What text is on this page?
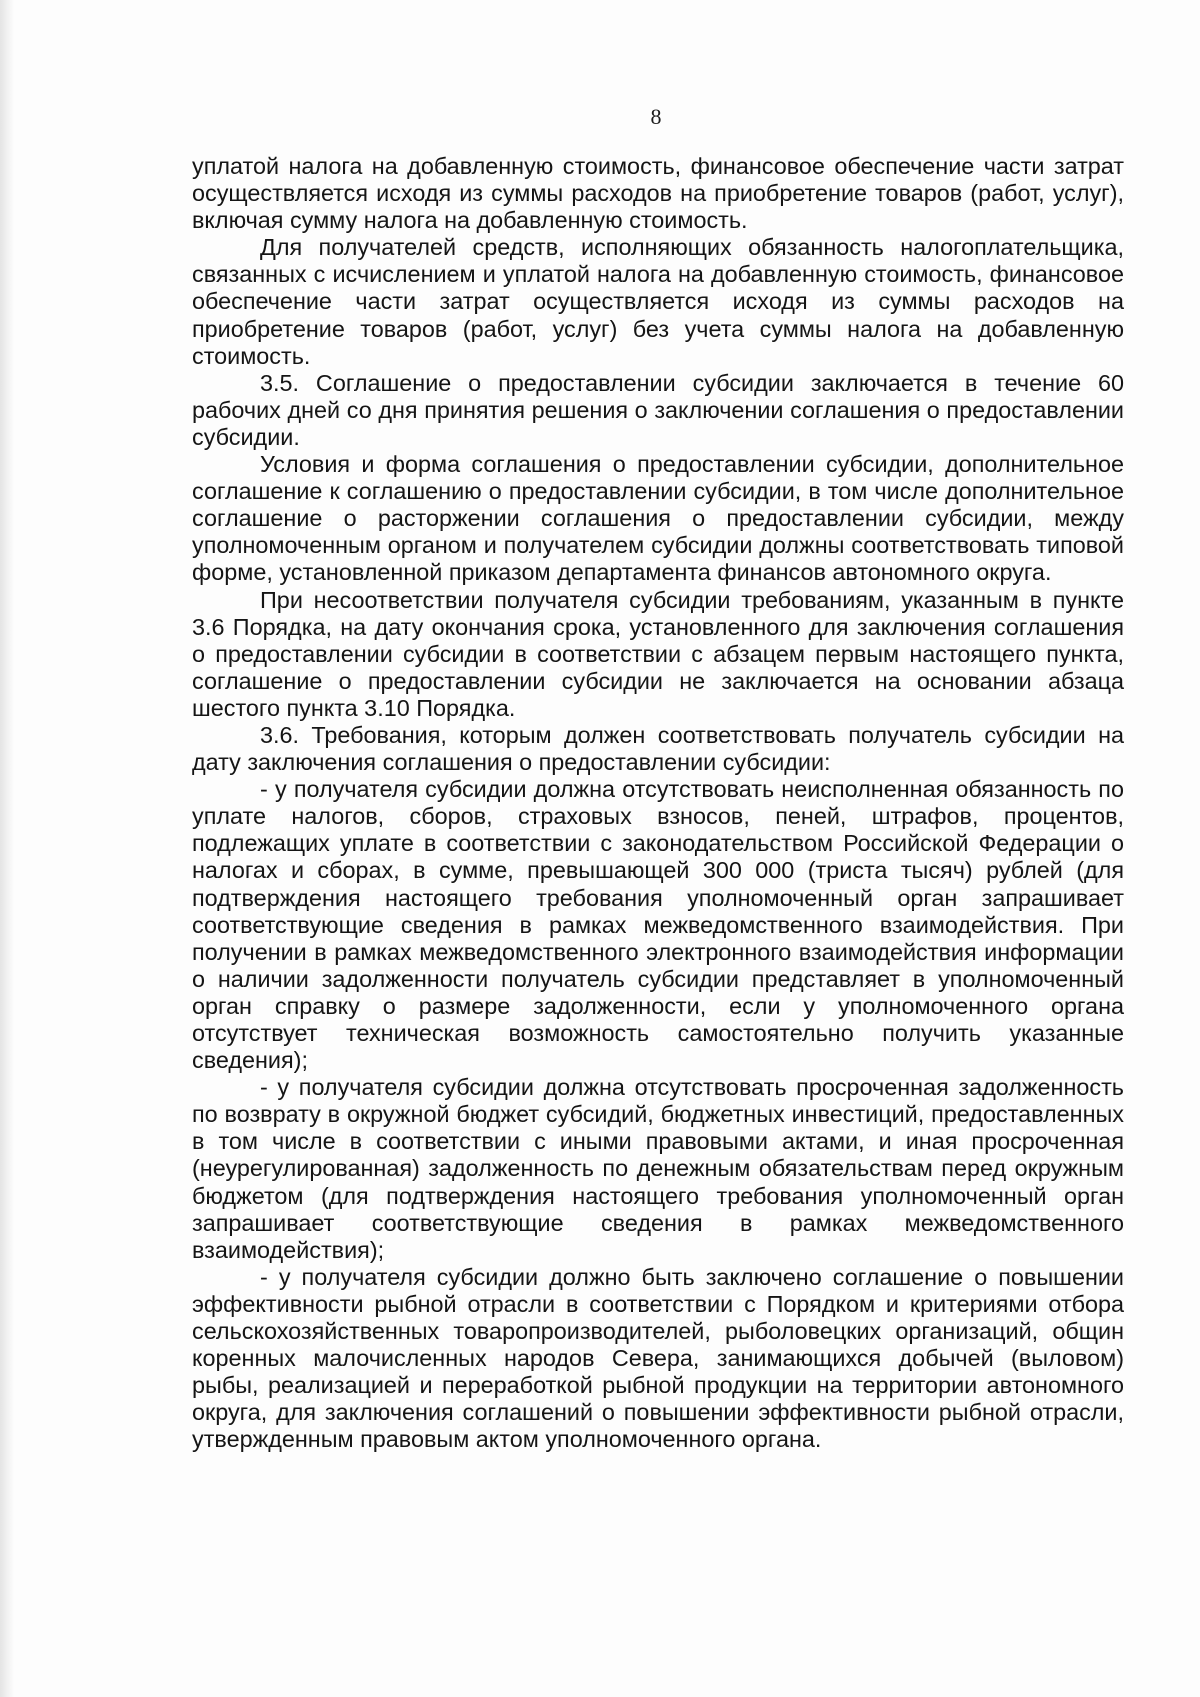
8

уплатой налога на добавленную стоимость, финансовое обеспечение части затрат осуществляется исходя из суммы расходов на приобретение товаров (работ, услуг), включая сумму налога на добавленную стоимость.

Для получателей средств, исполняющих обязанность налогоплательщика, связанных с исчислением и уплатой налога на добавленную стоимость, финансовое обеспечение части затрат осуществляется исходя из суммы расходов на приобретение товаров (работ, услуг) без учета суммы налога на добавленную стоимость.

3.5. Соглашение о предоставлении субсидии заключается в течение 60 рабочих дней со дня принятия решения о заключении соглашения о предоставлении субсидии.

Условия и форма соглашения о предоставлении субсидии, дополнительное соглашение к соглашению о предоставлении субсидии, в том числе дополнительное соглашение о расторжении соглашения о предоставлении субсидии, между уполномоченным органом и получателем субсидии должны соответствовать типовой форме, установленной приказом департамента финансов автономного округа.

При несоответствии получателя субсидии требованиям, указанным в пункте 3.6 Порядка, на дату окончания срока, установленного для заключения соглашения о предоставлении субсидии в соответствии с абзацем первым настоящего пункта, соглашение о предоставлении субсидии не заключается на основании абзаца шестого пункта 3.10 Порядка.

3.6. Требования, которым должен соответствовать получатель субсидии на дату заключения соглашения о предоставлении субсидии:

- у получателя субсидии должна отсутствовать неисполненная обязанность по уплате налогов, сборов, страховых взносов, пеней, штрафов, процентов, подлежащих уплате в соответствии с законодательством Российской Федерации о налогах и сборах, в сумме, превышающей 300 000 (триста тысяч) рублей (для подтверждения настоящего требования уполномоченный орган запрашивает соответствующие сведения в рамках межведомственного взаимодействия. При получении в рамках межведомственного электронного взаимодействия информации о наличии задолженности получатель субсидии представляет в уполномоченный орган справку о размере задолженности, если у уполномоченного органа отсутствует техническая возможность самостоятельно получить указанные сведения);

- у получателя субсидии должна отсутствовать просроченная задолженность по возврату в окружной бюджет субсидий, бюджетных инвестиций, предоставленных в том числе в соответствии с иными правовыми актами, и иная просроченная (неурегулированная) задолженность по денежным обязательствам перед окружным бюджетом (для подтверждения настоящего требования уполномоченный орган запрашивает соответствующие сведения в рамках межведомственного взаимодействия);

- у получателя субсидии должно быть заключено соглашение о повышении эффективности рыбной отрасли в соответствии с Порядком и критериями отбора сельскохозяйственных товаропроизводителей, рыболовецких организаций, общин коренных малочисленных народов Севера, занимающихся добычей (выловом) рыбы, реализацией и переработкой рыбной продукции на территории автономного округа, для заключения соглашений о повышении эффективности рыбной отрасли, утвержденным правовым актом уполномоченного органа.
